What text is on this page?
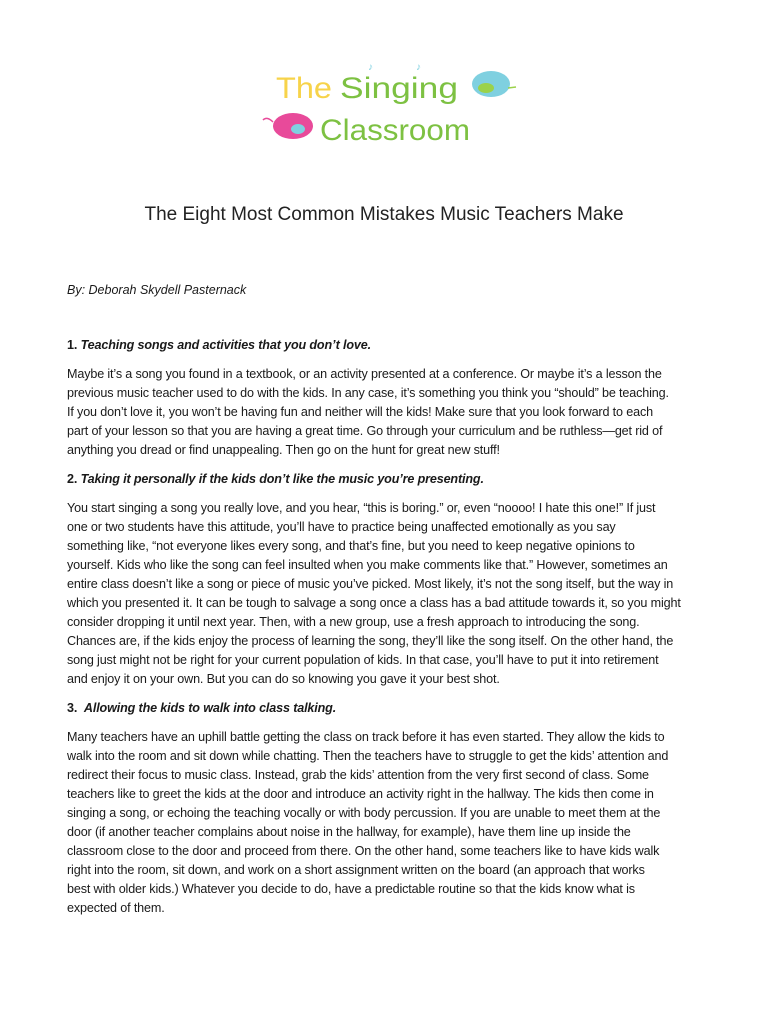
The Singing
Classroom
♪	♪
The Eight Most Common Mistakes Music Teachers Make
By: Deborah Skydell Pasternack
1. Teaching songs and activities that you don’t love.
Maybe it’s a song you found in a textbook, or an activity presented at a conference. Or maybe it’s a lesson the
previous music teacher used to do with the kids. In any case, it’s something you think you “should” be teaching.
If you don’t love it, you won’t be having fun and neither will the kids! Make sure that you look forward to each
part of your lesson so that you are having a great time. Go through your curriculum and be ruthless—get rid of
anything you dread or find unappealing. Then go on the hunt for great new stuff!
2. Taking it personally if the kids don’t like the music you’re presenting.
You start singing a song you really love, and you hear, “this is boring.” or, even “noooo! I hate this one!” If just
one or two students have this attitude, you’ll have to practice being unaffected emotionally as you say
something like, “not everyone likes every song, and that’s fine, but you need to keep negative opinions to
yourself. Kids who like the song can feel insulted when you make comments like that.” However, sometimes an
entire class doesn’t like a song or piece of music you’ve picked. Most likely, it’s not the song itself, but the way in
which you presented it. It can be tough to salvage a song once a class has a bad attitude towards it, so you might
consider dropping it until next year. Then, with a new group, use a fresh approach to introducing the song.
Chances are, if the kids enjoy the process of learning the song, they’ll like the song itself. On the other hand, the
song just might not be right for your current population of kids. In that case, you’ll have to put it into retirement
and enjoy it on your own. But you can do so knowing you gave it your best shot.
3. Allowing the kids to walk into class talking.
Many teachers have an uphill battle getting the class on track before it has even started. They allow the kids to
walk into the room and sit down while chatting. Then the teachers have to struggle to get the kids’ attention and
redirect their focus to music class. Instead, grab the kids’ attention from the very first second of class. Some
teachers like to greet the kids at the door and introduce an activity right in the hallway. The kids then come in
singing a song, or echoing the teaching vocally or with body percussion. If you are unable to meet them at the
door (if another teacher complains about noise in the hallway, for example), have them line up inside the
classroom close to the door and proceed from there. On the other hand, some teachers like to have kids walk
right into the room, sit down, and work on a short assignment written on the board (an approach that works
best with older kids.) Whatever you decide to do, have a predictable routine so that the kids know what is
expected of them.
